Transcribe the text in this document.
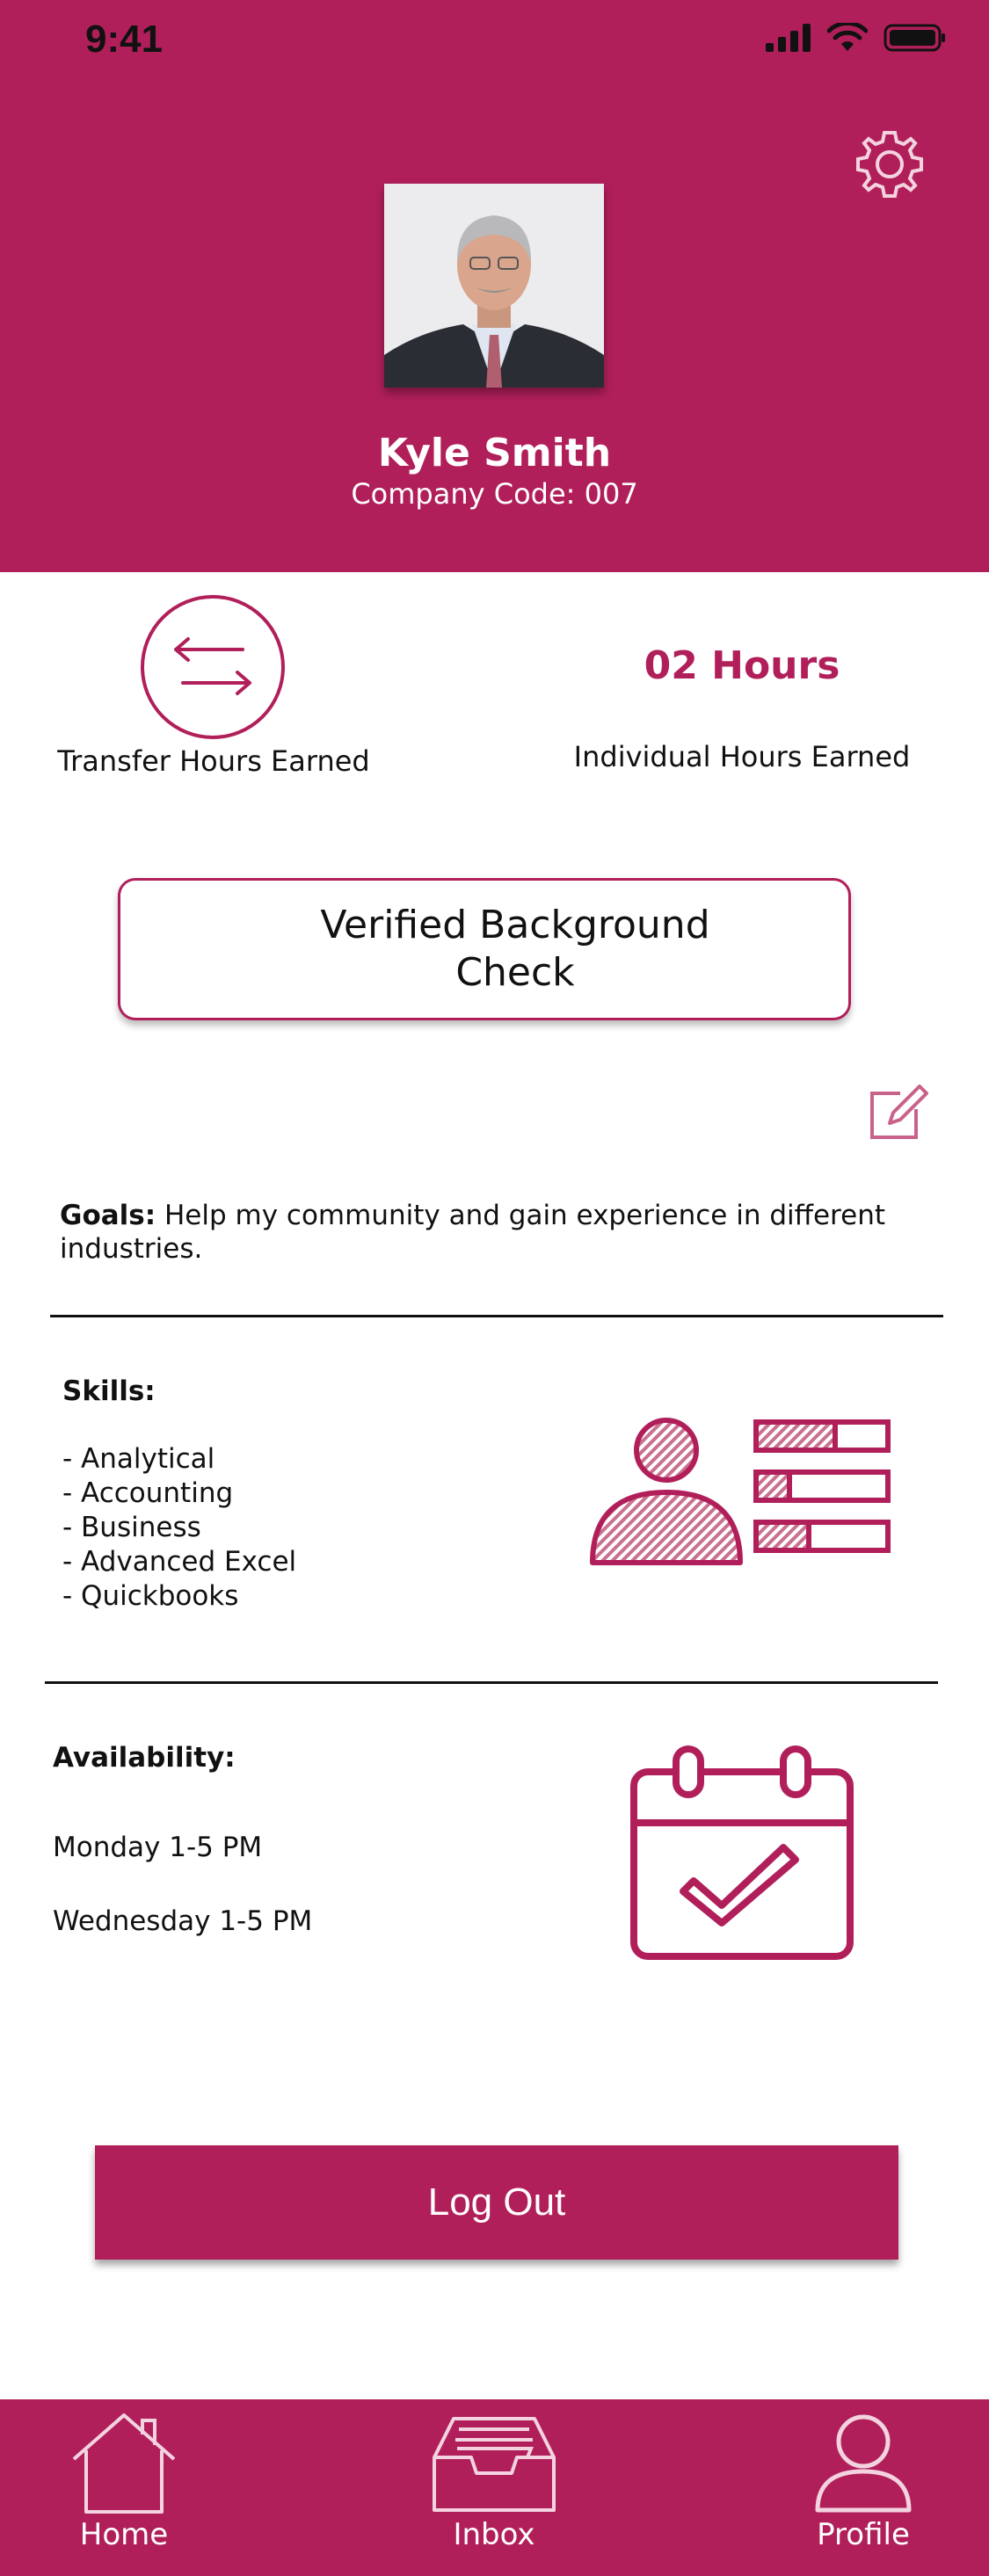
9:41
Kyle Smith
Company Code: 007
Transfer Hours Earned
02 Hours
Individual Hours Earned
Verified Background Check
Goals: Help my community and gain experience in different industries.
Skills:
- Analytical
- Accounting
- Business
- Advanced Excel
- Quickbooks
Availability:
Monday 1-5 PM
Wednesday 1-5 PM
Log Out
Home	Inbox	Profile
